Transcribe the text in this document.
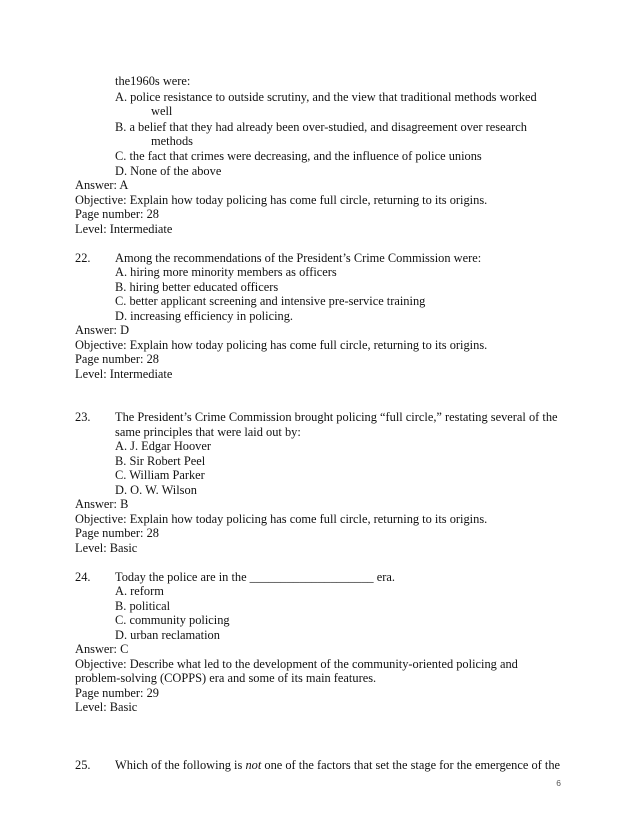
the1960s were:
A. police resistance to outside scrutiny, and the view that traditional methods worked
well
B. a belief that they had already been over-studied, and disagreement over research
methods
C. the fact that crimes were decreasing, and the influence of police unions
D. None of the above
Answer: A
Objective: Explain how today policing has come full circle, returning to its origins.
Page number: 28
Level: Intermediate
22. Among the recommendations of the President’s Crime Commission were:
A. hiring more minority members as officers
B. hiring better educated officers
C. better applicant screening and intensive pre-service training
D. increasing efficiency in policing.
Answer: D
Objective: Explain how today policing has come full circle, returning to its origins.
Page number: 28
Level: Intermediate
23. The President’s Crime Commission brought policing “full circle,” restating several of the
same principles that were laid out by:
A. J. Edgar Hoover
B. Sir Robert Peel
C. William Parker
D. O. W. Wilson
Answer: B
Objective: Explain how today policing has come full circle, returning to its origins.
Page number: 28
Level: Basic
24. Today the police are in the ____________________ era.
A. reform
B. political
C. community policing
D. urban reclamation
Answer: C
Objective: Describe what led to the development of the community-oriented policing and
problem-solving (COPPS) era and some of its main features.
Page number: 29
Level: Basic
25. Which of the following is not one of the factors that set the stage for the emergence of the
6
